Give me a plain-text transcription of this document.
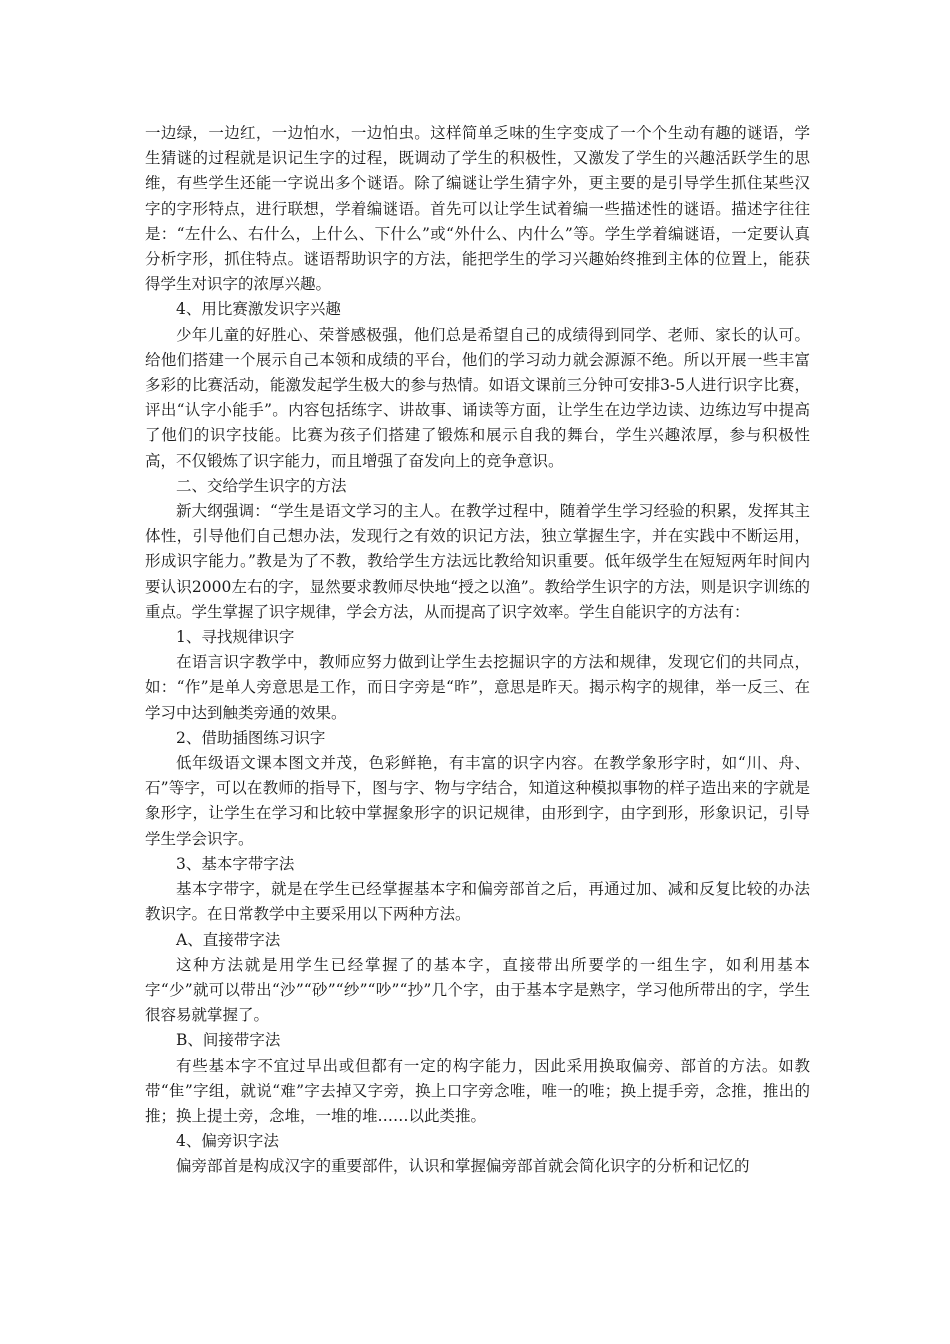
一边绿，一边红，一边怕水，一边怕虫。这样简单乏味的生字变成了一个个生动有趣的谜语，学生猜谜的过程就是识记生字的过程，既调动了学生的积极性，又激发了学生的兴趣活跃学生的思维，有些学生还能一字说出多个谜语。除了编谜让学生猜字外，更主要的是引导学生抓住某些汉字的字形特点，进行联想，学着编谜语。首先可以让学生试着编一些描述性的谜语。描述字往往是：“左什么、右什么，上什么、下什么”或“外什么、内什么”等。学生学着编谜语，一定要认真分析字形，抓住特点。谜语帮助识字的方法，能把学生的学习兴趣始终推到主体的位置上，能获得学生对识字的浓厚兴趣。

4、用比赛激发识字兴趣

少年儿童的好胜心、荣誉感极强，他们总是希望自己的成绩得到同学、老师、家长的认可。给他们搭建一个展示自己本领和成绩的平台，他们的学习动力就会源源不绝。所以开展一些丰富多彩的比赛活动，能激发起学生极大的参与热情。如语文课前三分钟可安排3-5人进行识字比赛，评出“认字小能手”。内容包括练字、讲故事、诵读等方面，让学生在边学边读、边练边写中提高了他们的识字技能。比赛为孩子们搭建了锻炼和展示自我的舞台，学生兴趣浓厚，参与积极性高，不仅锻炼了识字能力，而且增强了奋发向上的竞争意识。

二、交给学生识字的方法

新大纲强调：“学生是语文学习的主人。在教学过程中，随着学生学习经验的积累，发挥其主体性，引导他们自己想办法，发现行之有效的识记方法，独立掌握生字，并在实践中不断运用，形成识字能力。”教是为了不教，教给学生方法远比教给知识重要。低年级学生在短短两年时间内要认识2000左右的字，显然要求教师尽快地“授之以渔”。教给学生识字的方法，则是识字训练的重点。学生掌握了识字规律，学会方法，从而提高了识字效率。学生自能识字的方法有：

1、寻找规律识字

在语言识字教学中，教师应努力做到让学生去挖掘识字的方法和规律，发现它们的共同点，如：“作”是单人旁意思是工作，而日字旁是“昨”，意思是昨天。揭示构字的规律，举一反三、在学习中达到触类旁通的效果。

2、借助插图练习识字

低年级语文课本图文并茂，色彩鲜艳，有丰富的识字内容。在教学象形字时，如“川、舟、石”等字，可以在教师的指导下，图与字、物与字结合，知道这种模拟事物的样子造出来的字就是象形字，让学生在学习和比较中掌握象形字的识记规律，由形到字，由字到形，形象识记，引导学生学会识字。

3、基本字带字法

基本字带字，就是在学生已经掌握基本字和偏旁部首之后，再通过加、减和反复比较的办法教识字。在日常教学中主要采用以下两种方法。

A、直接带字法

这种方法就是用学生已经掌握了的基本字，直接带出所要学的一组生字，如利用基本字“少”就可以带出“沙”“砂”“纱”“吵”“抄”几个字，由于基本字是熟字，学习他所带出的字，学生很容易就掌握了。

B、间接带字法

有些基本字不宜过早出或但都有一定的构字能力，因此采用换取偏旁、部首的方法。如教带“隹”字组，就说“难”字去掉又字旁，换上口字旁念唯，唯一的唯；换上提手旁，念推，推出的推；换上提土旁，念堆，一堆的堆……以此类推。

4、偏旁识字法

偏旁部首是构成汉字的重要部件，认识和掌握偏旁部首就会简化识字的分析和记忆的
